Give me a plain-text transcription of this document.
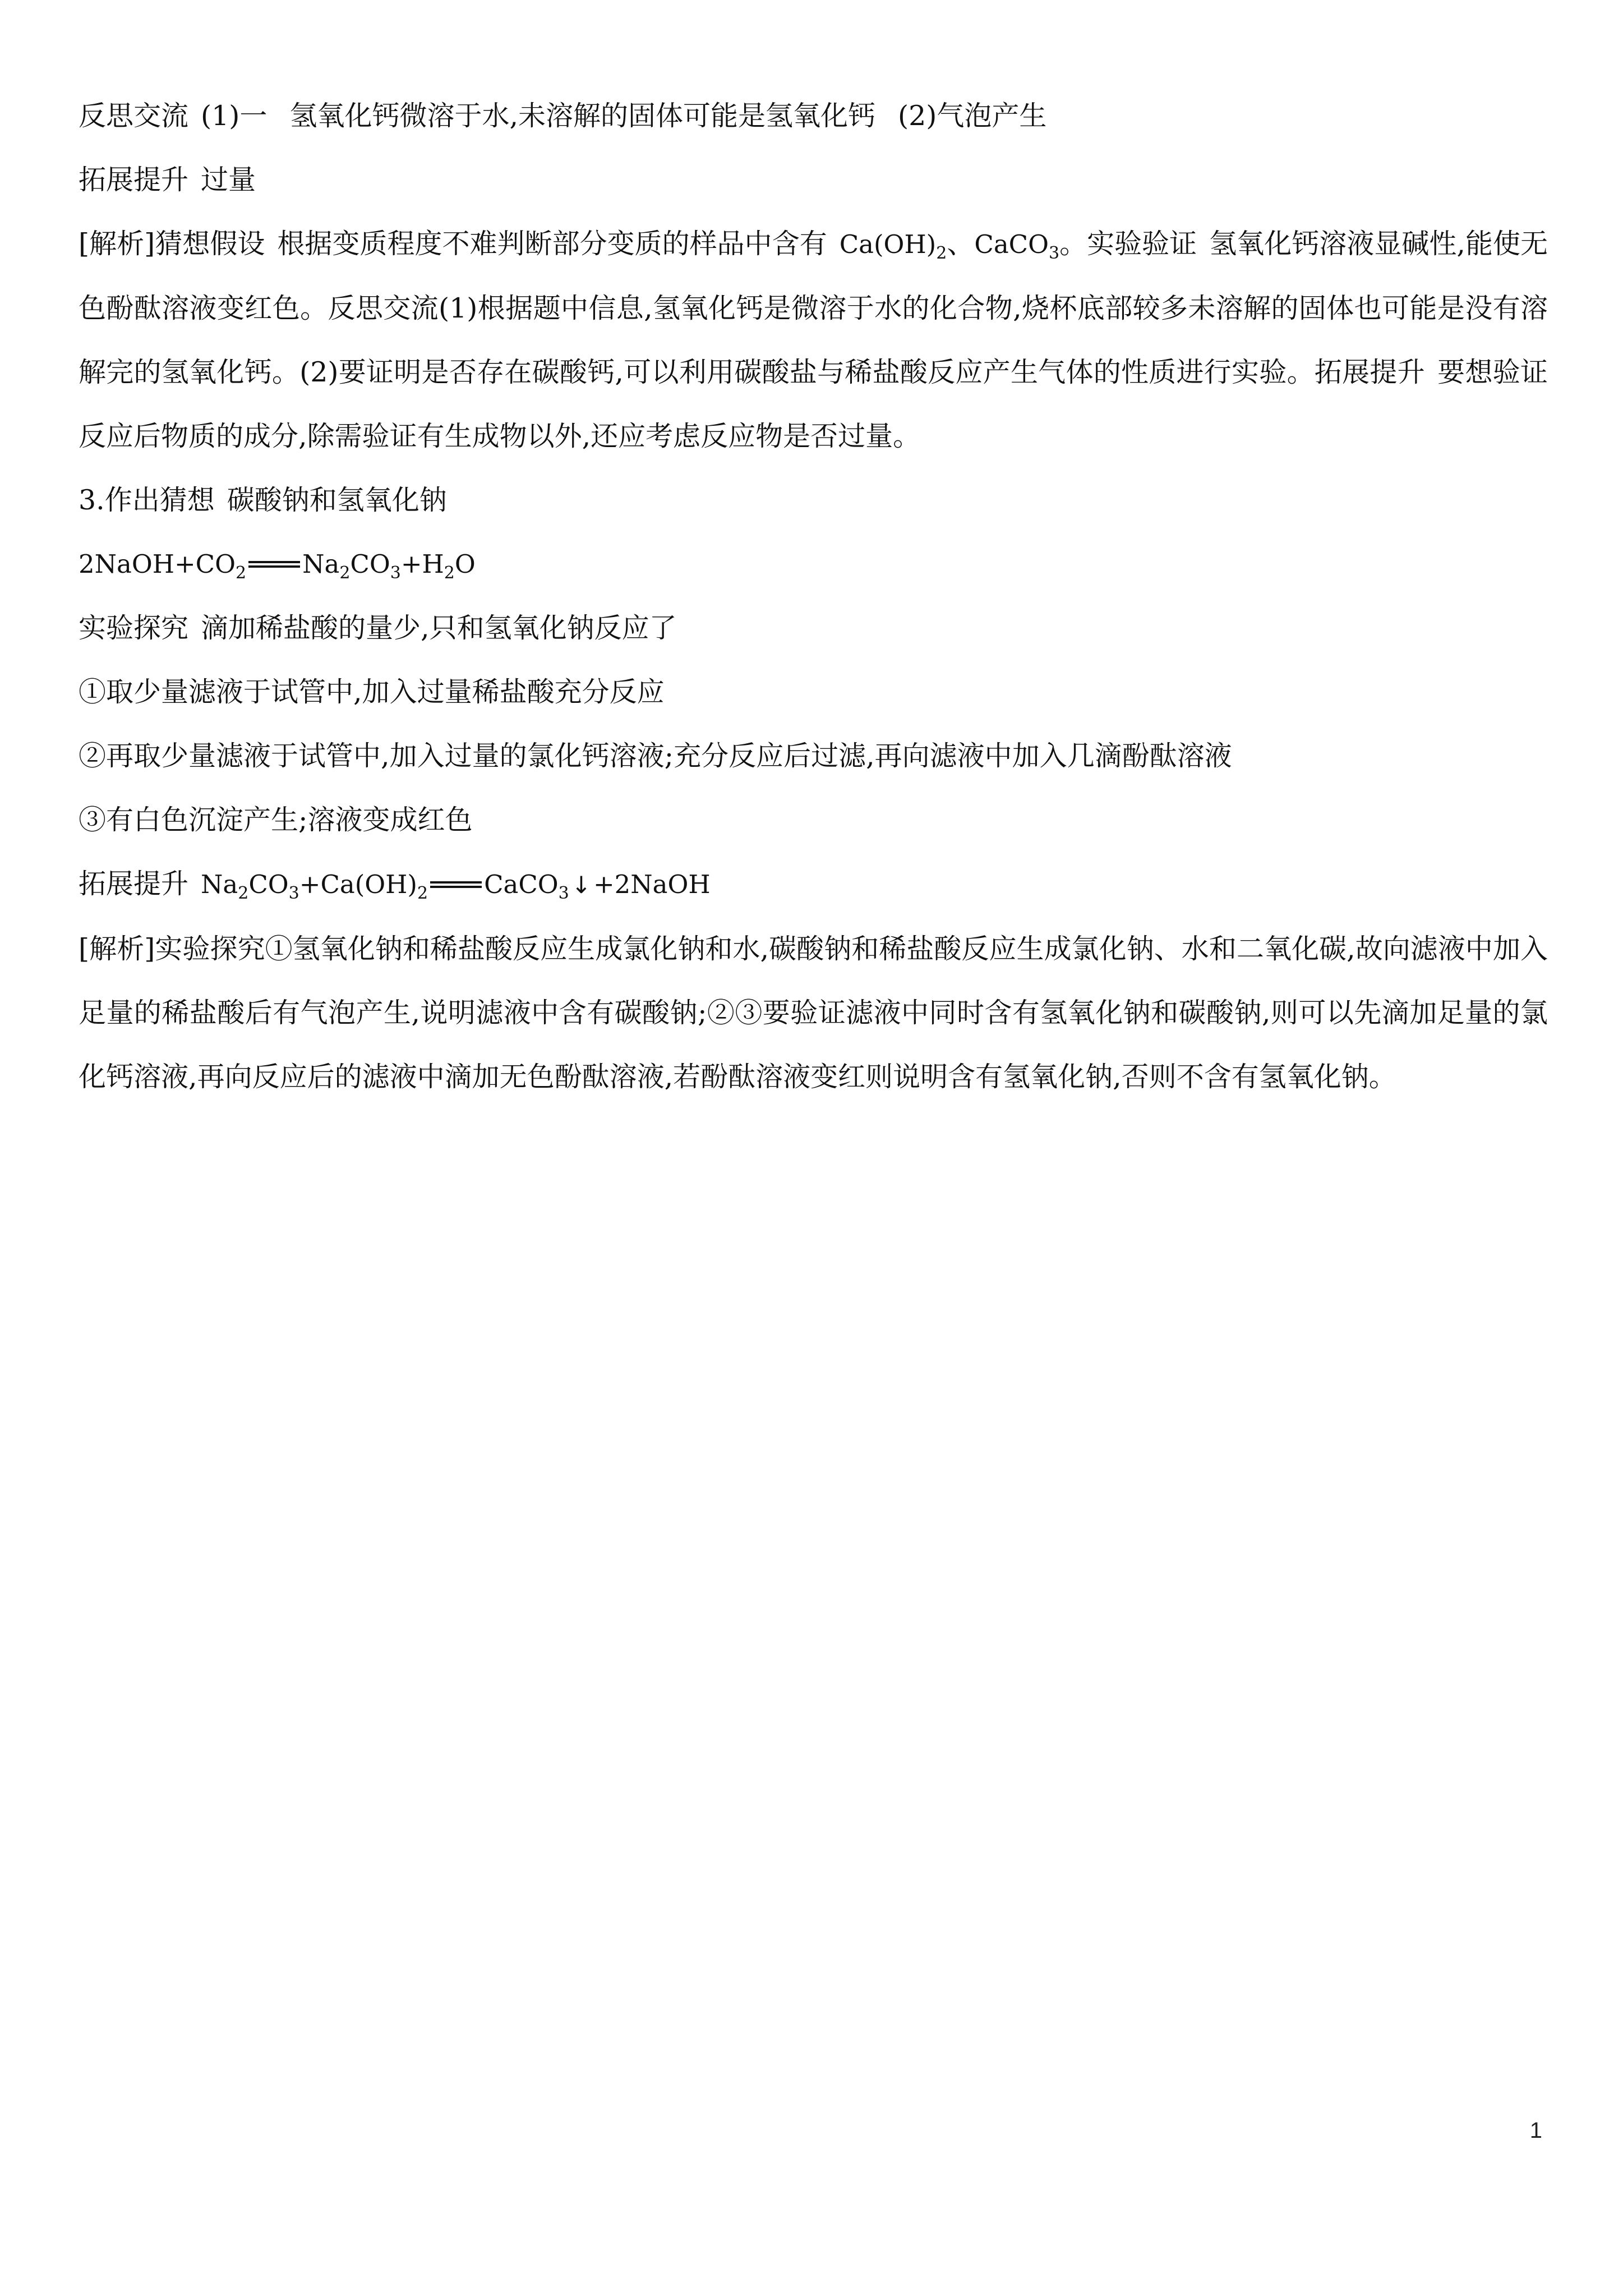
反思交流 (1)一 氢氧化钙微溶于水,未溶解的固体可能是氢氧化钙 (2)气泡产生

拓展提升 过量

[解析]猜想假设 根据变质程度不难判断部分变质的样品中含有 $Ca(OH)_2$、CaCO$_3$。实验验证 氢氧化钙溶液显碱性,能使无色酚酞溶液变红色。反思交流(1)根据题中信息,氢氧化钙是微溶于水的化合物,烧杯底部较多未溶解的固体也可能是没有溶解完的氢氧化钙。(2)要证明是否存在碳酸钙,可以利用碳酸盐与稀盐酸反应产生气体的性质进行实验。拓展提升 要想验证反应后物质的成分,除需验证有生成物以外,还应考虑反应物是否过量。

3.作出猜想 碳酸钠和氢氧化钠

$2NaOH+CO_2$ $Na_2CO_3+H_2O$

实验探究 滴加稀盐酸的量少,只和氢氧化钠反应了

①取少量滤液于试管中,加入过量稀盐酸充分反应

②再取少量滤液于试管中,加入过量的氯化钙溶液;充分反应后过滤,再向滤液中加入几滴酚酞溶液

③有白色沉淀产生;溶液变成红色

拓展提升 $Na_2CO_3+Ca(OH)_2$ CaCO$_3$↓+2NaOH

[解析]实验探究①氢氧化钠和稀盐酸反应生成氯化钠和水,碳酸钠和稀盐酸反应生成氯化钠、水和二氧化碳,故向滤液中加入足量的稀盐酸后有气泡产生,说明滤液中含有碳酸钠;②③要验证滤液中同时含有氢氧化钠和碳酸钠,则可以先滴加足量的氯化钙溶液,再向反应后的滤液中滴加无色酚酞溶液,若酚酞溶液变红则说明含有氢氧化钠,否则不含有氢氧化钠。

1
